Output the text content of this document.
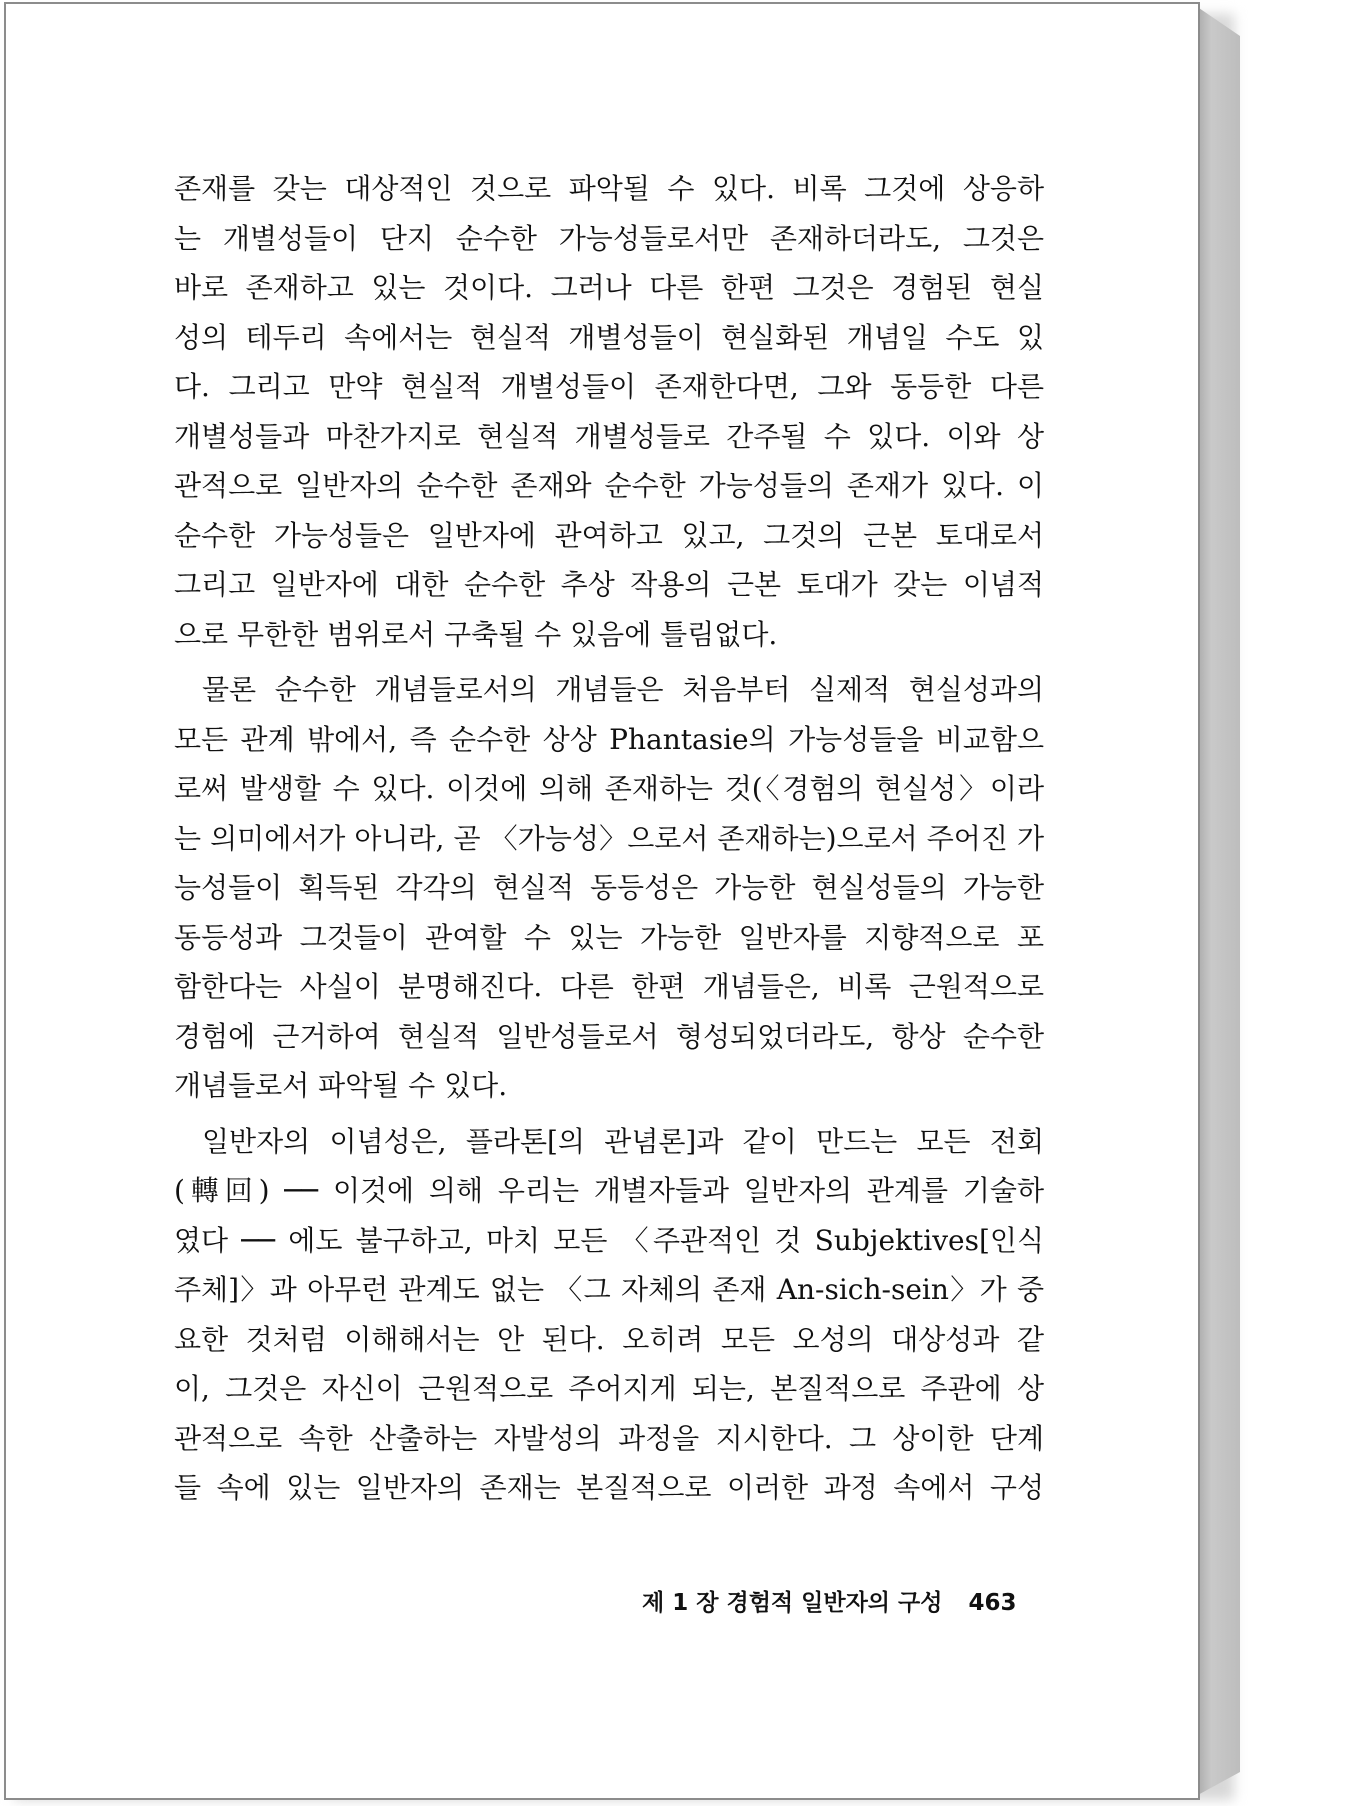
존재를 갖는 대상적인 것으로 파악될 수 있다. 비록 그것에 상응하
는 개별성들이 단지 순수한 가능성들로서만 존재하더라도, 그것은
바로 존재하고 있는 것이다. 그러나 다른 한편 그것은 경험된 현실
성의 테두리 속에서는 현실적 개별성들이 현실화된 개념일 수도 있
다. 그리고 만약 현실적 개별성들이 존재한다면, 그와 동등한 다른
개별성들과 마찬가지로 현실적 개별성들로 간주될 수 있다. 이와 상
관적으로 일반자의 순수한 존재와 순수한 가능성들의 존재가 있다. 이
순수한 가능성들은 일반자에 관여하고 있고, 그것의 근본 토대로서
그리고 일반자에 대한 순수한 추상 작용의 근본 토대가 갖는 이념적
으로 무한한 범위로서 구축될 수 있음에 틀림없다.
물론 순수한 개념들로서의 개념들은 처음부터 실제적 현실성과의
모든 관계 밖에서, 즉 순수한 상상 Phantasie의 가능성들을 비교함으
로써 발생할 수 있다. 이것에 의해 존재하는 것(〈경험의 현실성〉이라
는 의미에서가 아니라, 곧 〈가능성〉으로서 존재하는)으로서 주어진 가
능성들이 획득된 각각의 현실적 동등성은 가능한 현실성들의 가능한
동등성과 그것들이 관여할 수 있는 가능한 일반자를 지향적으로 포
함한다는 사실이 분명해진다. 다른 한편 개념들은, 비록 근원적으로
경험에 근거하여 현실적 일반성들로서 형성되었더라도, 항상 순수한
개념들로서 파악될 수 있다.
일반자의 이념성은, 플라톤[의 관념론]과 같이 만드는 모든 전회
(轉回) ── 이것에 의해 우리는 개별자들과 일반자의 관계를 기술하
였다 ── 에도 불구하고, 마치 모든 〈주관적인 것 Subjektives[인식
주체]〉과 아무런 관계도 없는 〈그 자체의 존재 An-sich-sein〉가 중
요한 것처럼 이해해서는 안 된다. 오히려 모든 오성의 대상성과 같
이, 그것은 자신이 근원적으로 주어지게 되는, 본질적으로 주관에 상
관적으로 속한 산출하는 자발성의 과정을 지시한다. 그 상이한 단계
들 속에 있는 일반자의 존재는 본질적으로 이러한 과정 속에서 구성
제 1 장 경험적 일반자의 구성 463
